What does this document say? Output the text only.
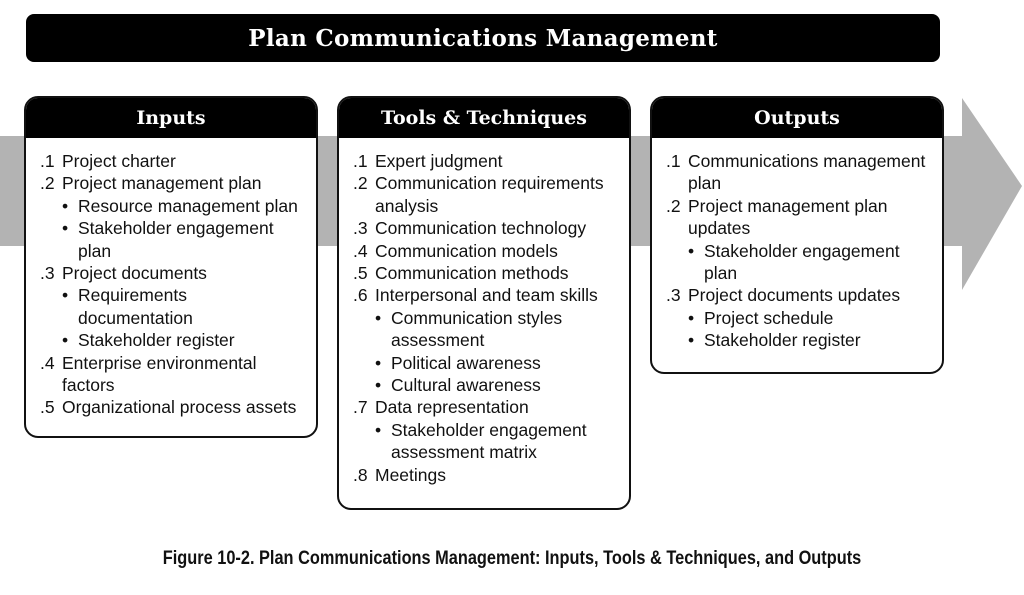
Plan Communications Management
Inputs
.1 Project charter
.2 Project management plan
• Resource management plan
• Stakeholder engagement
plan
.3 Project documents
• Requirements
documentation
• Stakeholder register
.4 Enterprise environmental
factors
.5 Organizational process assets
Tools & Techniques
.1 Expert judgment
.2 Communication requirements
analysis
.3 Communication technology
.4 Communication models
.5 Communication methods
.6 Interpersonal and team skills
• Communication styles
assessment
• Political awareness
• Cultural awareness
.7 Data representation
• Stakeholder engagement
assessment matrix
.8 Meetings
Outputs
.1 Communications management
plan
.2 Project management plan
updates
• Stakeholder engagement
plan
.3 Project documents updates
• Project schedule
• Stakeholder register
Figure 10-2. Plan Communications Management: Inputs, Tools & Techniques, and Outputs
